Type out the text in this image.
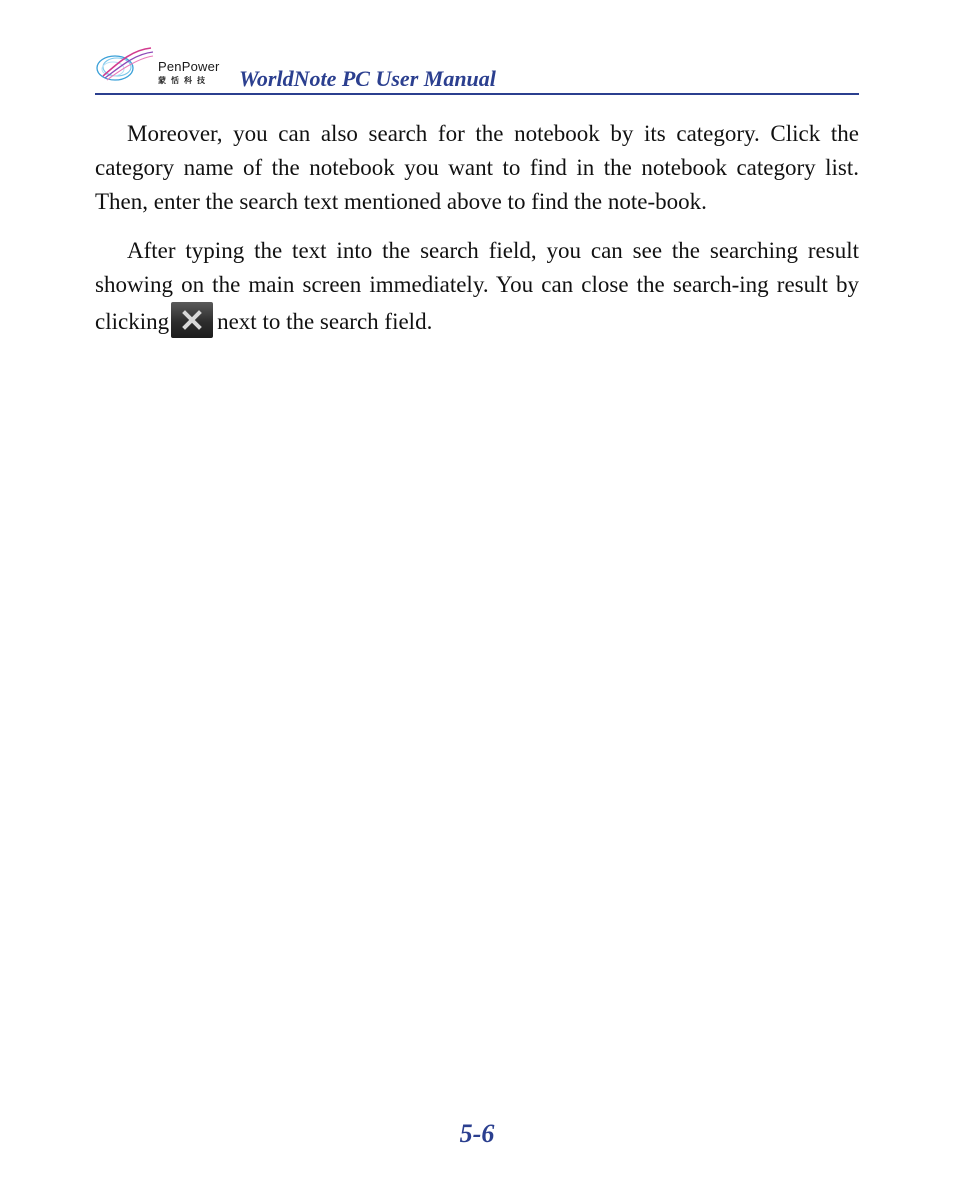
PenPower
蒙恬科技 WorldNote PC User Manual

Moreover, you can also search for the notebook by its category. Click the category name of the notebook you want to find in the notebook category list. Then, enter the search text mentioned above to find the note-book.

After typing the text into the search field, you can see the searching result showing on the main screen immediately. You can close the search-ing result by clicking next to the search field.

5-6
